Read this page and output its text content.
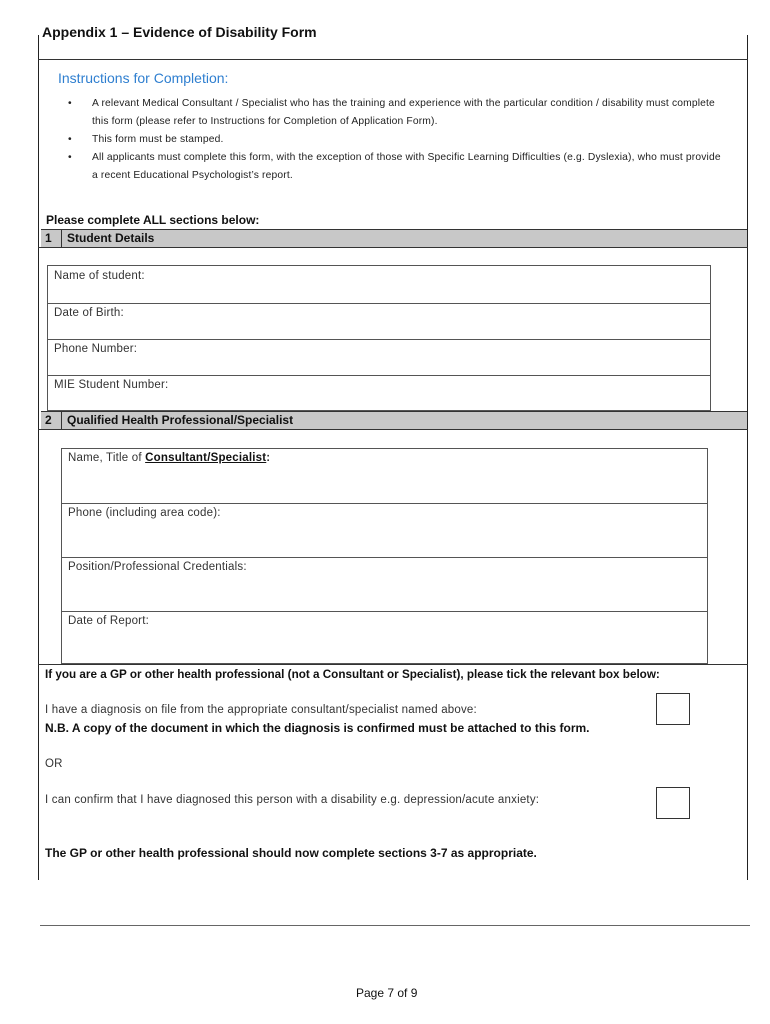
Appendix 1 – Evidence of Disability Form
Instructions for Completion:
• A relevant Medical Consultant / Specialist who has the training and experience with the particular condition / disability must complete this form (please refer to Instructions for Completion of Application Form).
• This form must be stamped.
• All applicants must complete this form, with the exception of those with Specific Learning Difficulties (e.g. Dyslexia), who must provide a recent Educational Psychologist’s report.
Please complete ALL sections below:
1 Student Details
Name of student:
Date of Birth:
Phone Number:
MIE Student Number:
2 Qualified Health Professional/Specialist
Name, Title of Consultant/Specialist:
Phone (including area code):
Position/Professional Credentials:
Date of Report:
If you are a GP or other health professional (not a Consultant or Specialist), please tick the relevant box below:
I have a diagnosis on file from the appropriate consultant/specialist named above:
N.B. A copy of the document in which the diagnosis is confirmed must be attached to this form.
OR
I can confirm that I have diagnosed this person with a disability e.g. depression/acute anxiety:
The GP or other health professional should now complete sections 3-7 as appropriate.
Page 7 of 9
